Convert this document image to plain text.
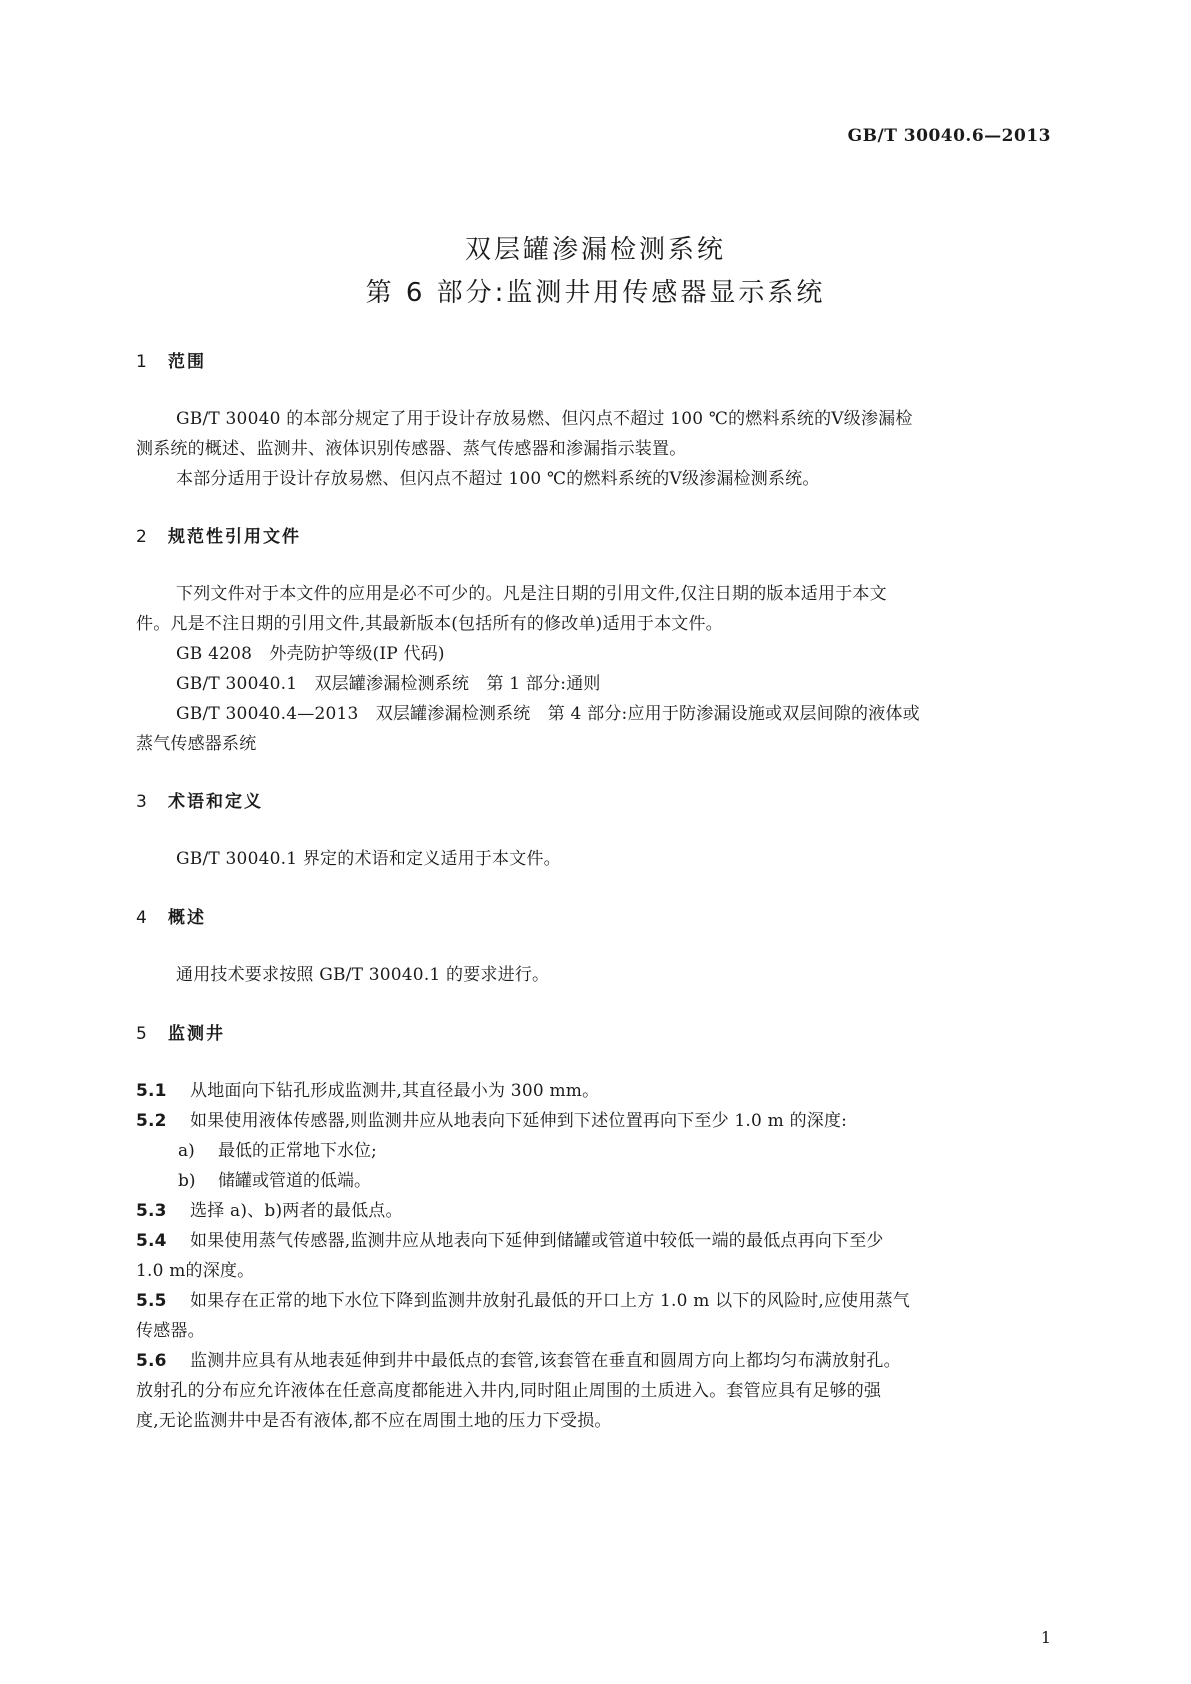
GB/T 30040.6—2013
双层罐渗漏检测系统
第 6 部分:监测井用传感器显示系统
1 范围
GB/T 30040 的本部分规定了用于设计存放易燃、但闪点不超过 100 ℃的燃料系统的Ⅴ级渗漏检
测系统的概述、监测井、液体识别传感器、蒸气传感器和渗漏指示装置。
本部分适用于设计存放易燃、但闪点不超过 100 ℃的燃料系统的Ⅴ级渗漏检测系统。
2 规范性引用文件
下列文件对于本文件的应用是必不可少的。凡是注日期的引用文件,仅注日期的版本适用于本文
件。凡是不注日期的引用文件,其最新版本(包括所有的修改单)适用于本文件。
GB 4208　外壳防护等级(IP 代码)
GB/T 30040.1　双层罐渗漏检测系统　第 1 部分:通则
GB/T 30040.4—2013　双层罐渗漏检测系统　第 4 部分:应用于防渗漏设施或双层间隙的液体或
蒸气传感器系统
3 术语和定义
GB/T 30040.1 界定的术语和定义适用于本文件。
4 概述
通用技术要求按照 GB/T 30040.1 的要求进行。
5 监测井
5.1 从地面向下钻孔形成监测井,其直径最小为 300 mm。
5.2 如果使用液体传感器,则监测井应从地表向下延伸到下述位置再向下至少 1.0 m 的深度:
a) 最低的正常地下水位;
b) 储罐或管道的低端。
5.3 选择 a)、b)两者的最低点。
5.4 如果使用蒸气传感器,监测井应从地表向下延伸到储罐或管道中较低一端的最低点再向下至少
1.0 m的深度。
5.5 如果存在正常的地下水位下降到监测井放射孔最低的开口上方 1.0 m 以下的风险时,应使用蒸气
传感器。
5.6 监测井应具有从地表延伸到井中最低点的套管,该套管在垂直和圆周方向上都均匀布满放射孔。
放射孔的分布应允许液体在任意高度都能进入井内,同时阻止周围的土质进入。套管应具有足够的强
度,无论监测井中是否有液体,都不应在周围土地的压力下受损。
1
